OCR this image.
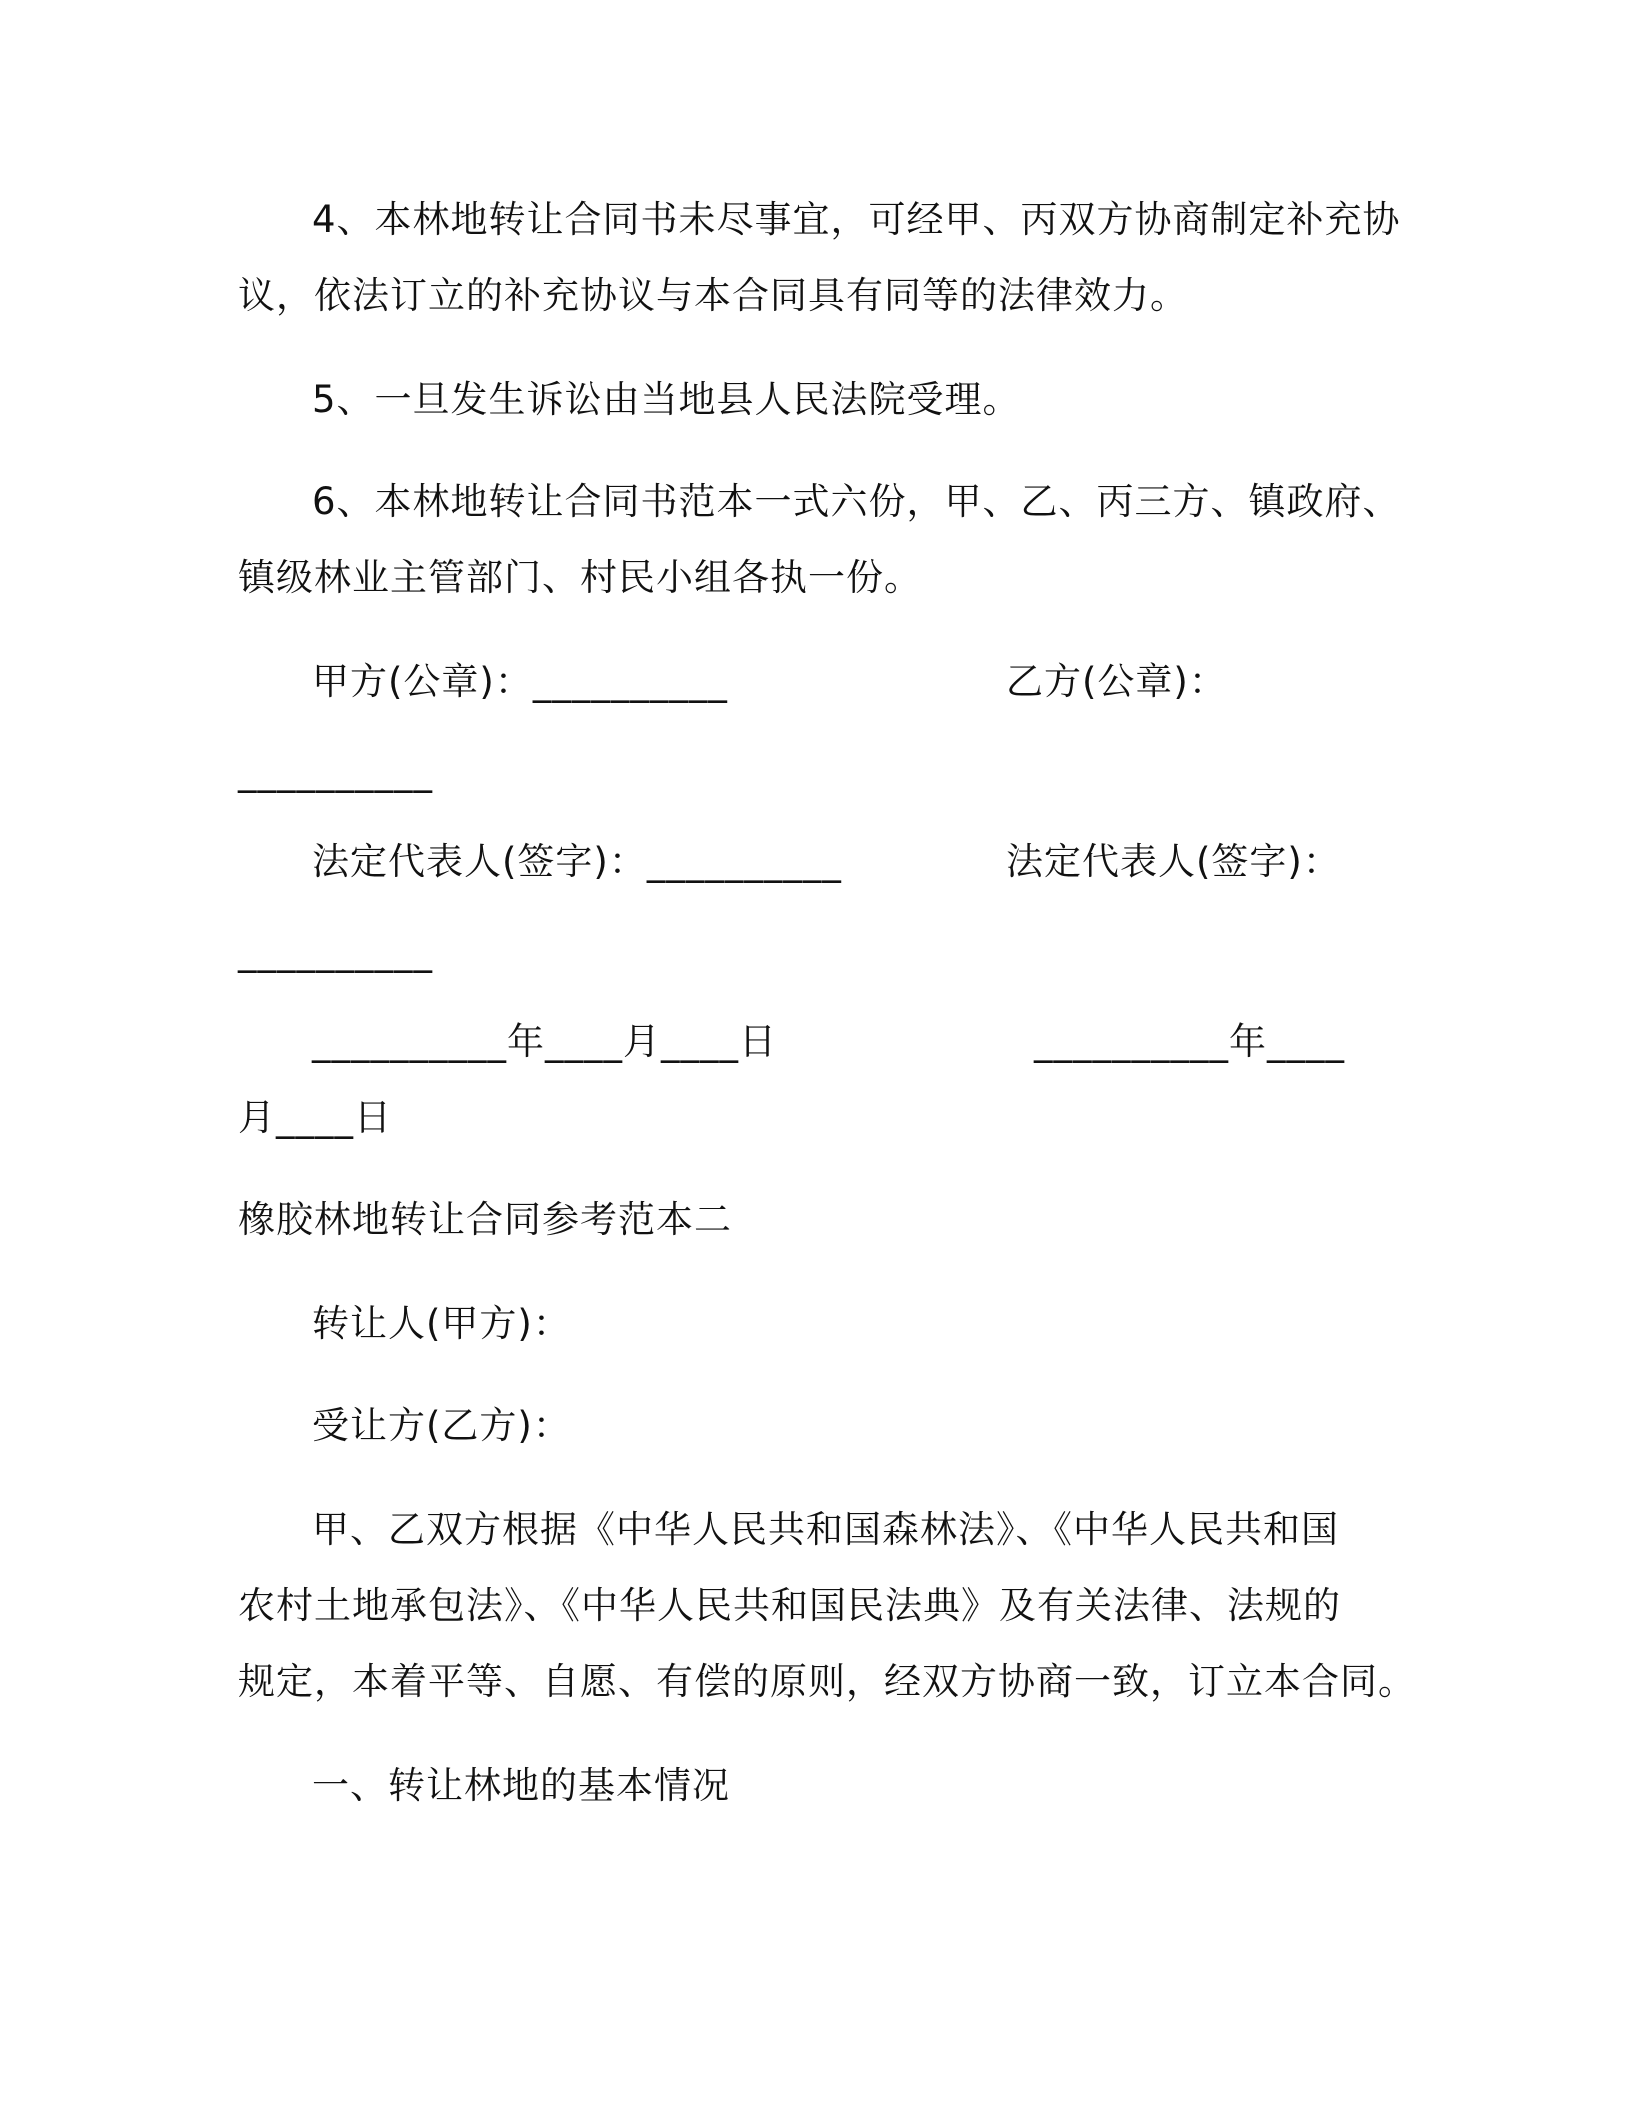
4、本林地转让合同书未尽事宜，可经甲、丙双方协商制定补充协
议，依法订立的补充协议与本合同具有同等的法律效力。
5、一旦发生诉讼由当地县人民法院受理。
6、本林地转让合同书范本一式六份，甲、乙、丙三方、镇政府、
镇级林业主管部门、村民小组各执一份。
甲方(公章)：__________	乙方(公章)：
__________
法定代表人(签字)：__________	法定代表人(签字)：
__________
__________年____月____日	__________年____
月____日
橡胶林地转让合同参考范本二
转让人(甲方)：
受让方(乙方)：
甲、乙双方根据《中华人民共和国森林法》、《中华人民共和国
农村土地承包法》、《中华人民共和国民法典》及有关法律、法规的
规定，本着平等、自愿、有偿的原则，经双方协商一致，订立本合同。
一、转让林地的基本情况
